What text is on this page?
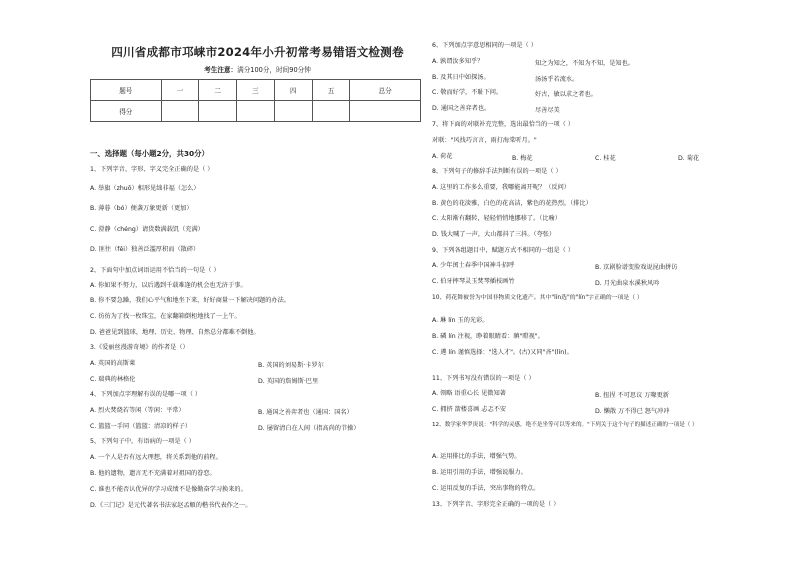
四川省成都市邛崃市2024年小升初常考易错语文检测卷
考生注意：满分100分，时间90分钟
题号	一	二	三	四	五	总分
得分						
一、选择题（每小题2分，共30分）
1、下列字音、字形、字义完全正确的是（ ）
A. 举旗（zhuō）相形见绌非福（怎么）
B. 薄暮（bó）便袭万象更新（更加）
C. 澄静（chéng）请货数满载饥（充满）
D. 匪往（fěi）独善泛滥厚积而（散碎）
2、下面句中加点词语运用不恰当的一句是（ ）
A. 你如果不努力，以后遇到千载难逢的机会也无济于事。
B. 你不要急躁，我们心平气和地坐下来，好好商量一下解决问题的办法。
C. 彷彷为了找一枚珠宝，在家翻箱倒柜地找了一上午。
D. 爸爸见到篮球，地理、历史、物理、自然总分都难不倒他。
3.《爱丽丝漫游奇境》的作者是（）
A. 英国的高斯莱
C. 瑞典的林格伦
4、下列加点字理解有误的是哪一项（ ）
A. 烈火焚烧若等闲（等闲：平常）
C. 篮篮一手同（篮篮：清凉的样子）
5、下列句子中，有语病的一项是（ ）
A. 一个人是否有远大理想，将关系到他的前程。
B. 他的遗物，遗言无不充满着对祖国的眷恋。
C. 谁也不能否认优异的学习成绩不是像勤奋学习换来的。
D.《三门记》是元代著名书法家赵孟頫的楷书代表作之一。
B. 英国的刘易斯·卡罗尔
D. 英国的詹姆斯·巴里
B. 通国之善弈者也（通国：国名）
D. 屡留清白在人间（指高尚的节操）
6、下列加点字意思相同的一项是（ ）
A. 孰谓汝多知乎？
B. 及其日中如探汤。
C. 敬而好学，不耻下问。
D. 通国之善弈者也。
7、将下面的对联补充完整，选出最恰当的一项（ ）
对联："风找巧言言，雨打海棠听月。"
A. 荷花
8、下列句子的修辞手法判断有误的一项是（ ）
A. 这里的工作多么重要，我哪能离开呢？（反问）
B. 黄色的花淡雅，白色的花高洁，紫色的花热烈。（排比）
C. 太阳渐有翻转，轻轻悄悄地挪移了。（比喻）
D. 钱大喊了一声，大山都抖了三抖。（夸张）
9、下列各组题目中，赋题方式不相同的一组是（ ）
A. 少年闰土春季中国神斗招呼
C. 伯牙摔琴灵玉焚琴插枝画竹
10、荷花舞被誉为中国非物质文化遗产。其中"lín选"的"lín"字正确的一项是（ ）
A. 琳 lín 玉的光彩。
B. 磷 lín 注视，睁着眼睛看：瞋"瞪视"。
C. 遴 lín 谨慎选择："选人才"。(古)又同"吝"(lín)。
11、下列书写没有错误的一项是（ ）
A. 领略 语重心长 见微知著
C. 拥挤 箭楼喜画 忐忑不安
12、数学家华罗庚说："科学的灵感，绝不是坐等可以等来的。"下列关于这个句子的描述正确的一项是（ ）
A. 运用排比的手法，增强气势。
B. 运用引用的手法，增强说服力。
C. 运用反复的手法，突出事物的特点。
13、下列字音、字形完全正确的一项的是（ ）
知之为知之，不知为不知，是知也。
汤汤乎若流水。
好古，敏以求之者也。
尽善尽美
B. 梅花	C. 桂花	D. 菊花
B. 京剧脸谱变脸戏说昆曲拼访
D. 月光曲泉水溪秋风吟
B. 扭捏 不可思议 万喙更新
D. 懒散 万不得已 怒气冲冲
